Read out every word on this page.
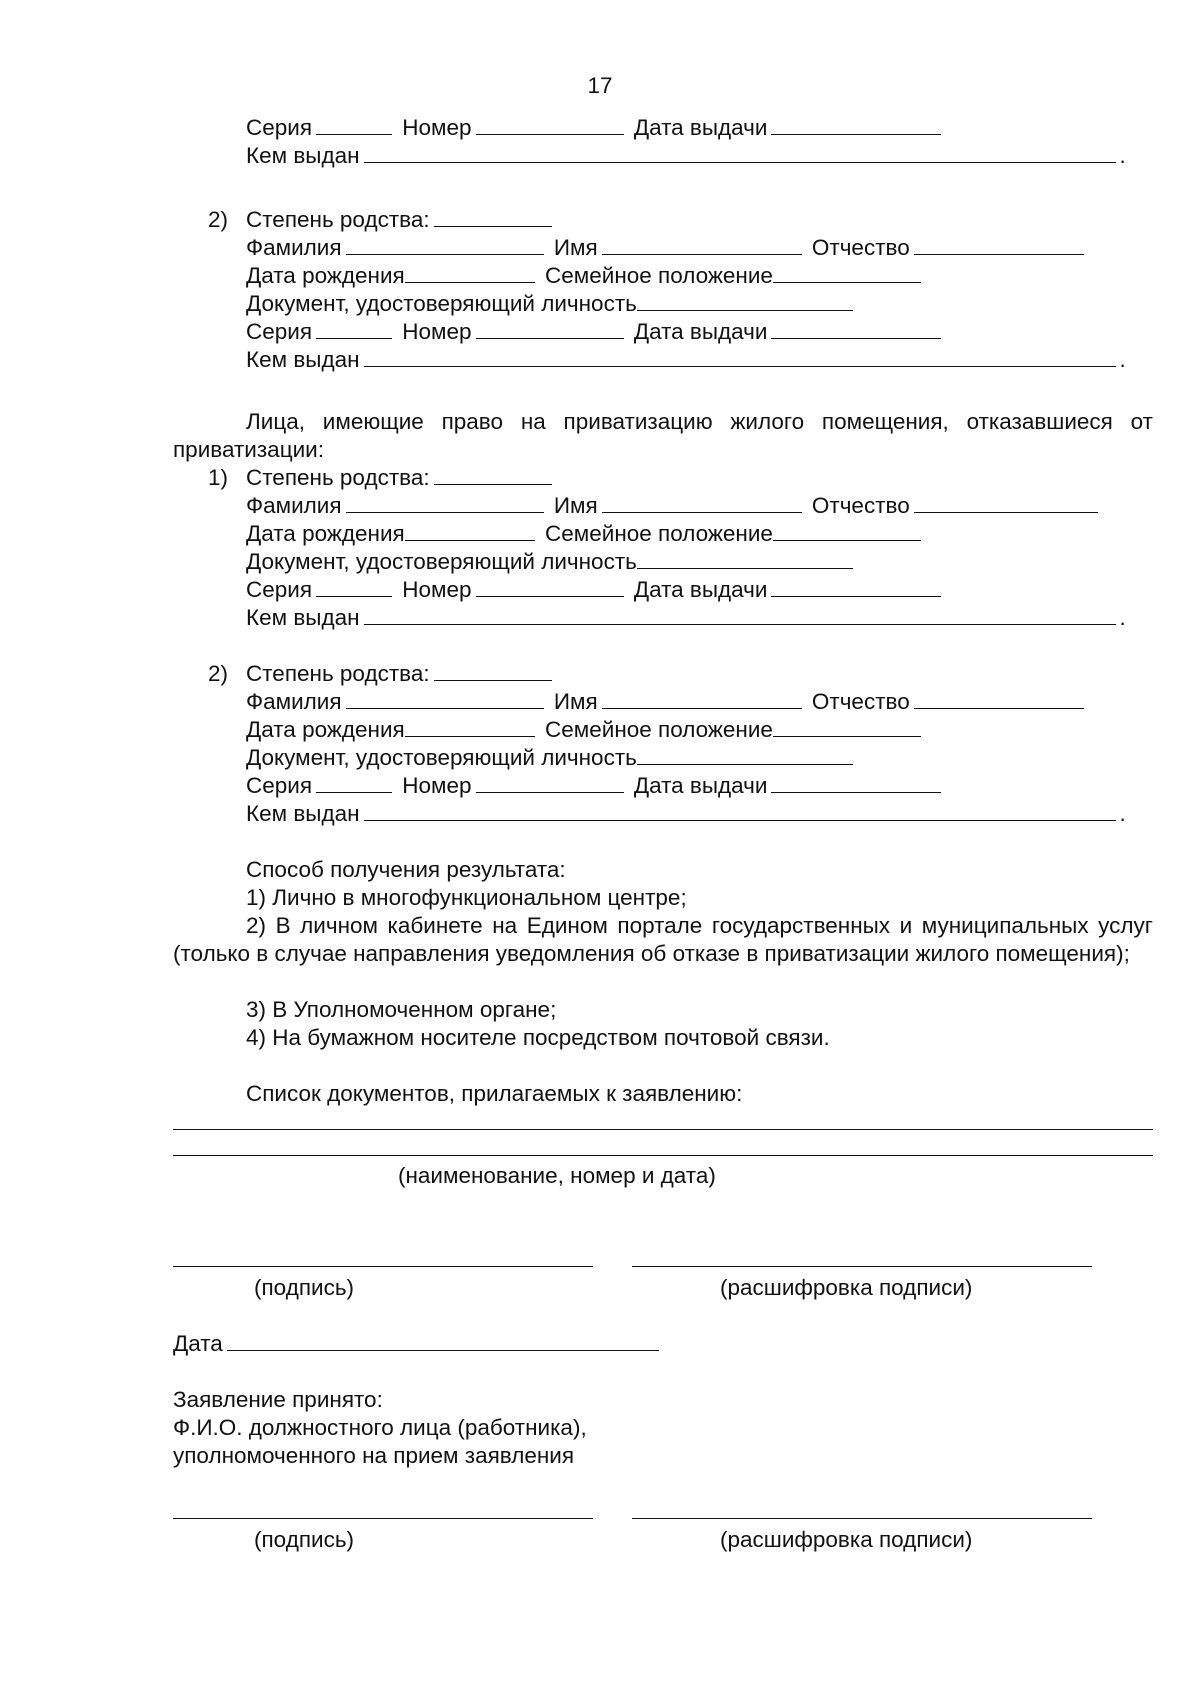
17
Серия	Номер	Дата выдачи
Кем выдан	.
2) Степень родства:
Фамилия	Имя	Отчество
Дата рождения	Семейное положение
Документ, удостоверяющий личность
Серия	Номер	Дата выдачи
Кем выдан	.
Лица, имеющие право на приватизацию жилого помещения, отказавшиеся от приватизации:
1) Степень родства:
Фамилия	Имя	Отчество
Дата рождения	Семейное положение
Документ, удостоверяющий личность
Серия	Номер	Дата выдачи
Кем выдан	.
2) Степень родства:
Фамилия	Имя	Отчество
Дата рождения	Семейное положение
Документ, удостоверяющий личность
Серия	Номер	Дата выдачи
Кем выдан	.
Способ получения результата:
1) Лично в многофункциональном центре;
2) В личном кабинете на Едином портале государственных и муниципальных услуг (только в случае направления уведомления об отказе в приватизации жилого помещения);
3) В Уполномоченном органе;
4) На бумажном носителе посредством почтовой связи.
Список документов, прилагаемых к заявлению:
(наименование, номер и дата)
(подпись)	(расшифровка подписи)
Дата
Заявление принято:
Ф.И.О. должностного лица (работника),
уполномоченного на прием заявления
(подпись)	(расшифровка подписи)
